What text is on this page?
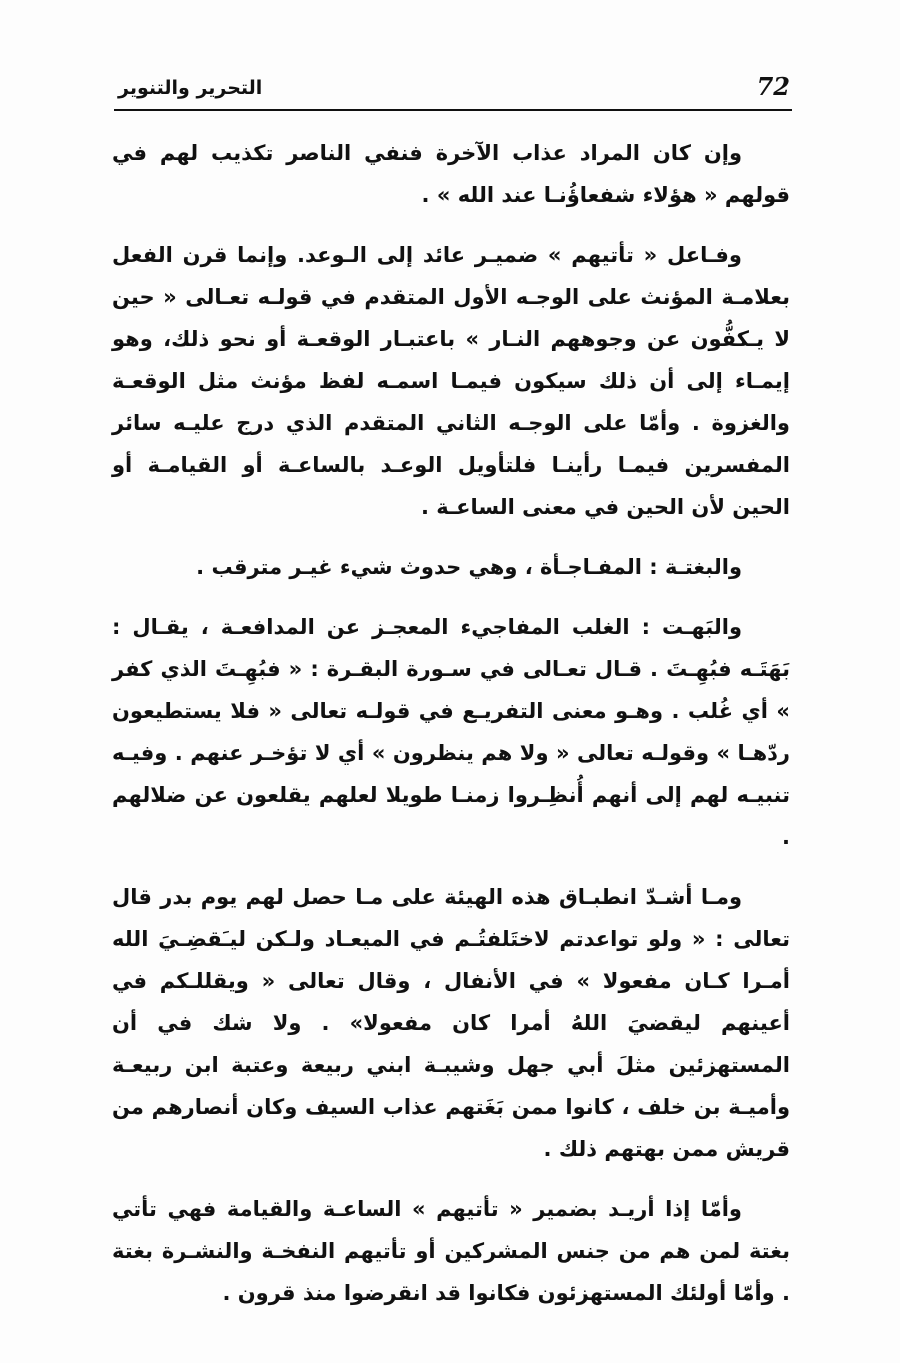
72
التحرير والتنوير

وإن كان المراد عذاب الآخرة فنفي الناصر تكذيب لهم في قولهم « هؤلاء شفعاؤُنـا عند الله » .

وفـاعل « تأتيهم » ضميـر عائد إلى الـوعد. وإنما قرن الفعل بعلامـة المؤنث على الوجـه الأول المتقدم في قولـه تعـالى « حين لا يـكفُّون عن وجوههم النـار » باعتبـار الوقعـة أو نحو ذلك، وهو إيمـاء إلى أن ذلك سيكون فيمـا اسمـه لفظ مؤنث مثل الوقعـة والغزوة . وأمّا على الوجـه الثاني المتقدم الذي درج عليـه سائر المفسرين فيمـا رأينـا فلتأويل الوعـد بالساعـة أو القيامـة أو الحين لأن الحين في معنى الساعـة .

والبغتـة : المفـاجـأة ، وهي حدوث شيء غيـر مترقب .

والبَهـت : الغلب المفاجيء المعجـز عن المدافعـة ، يقـال : بَهَتَـه فبُهِـتَ . قـال تعـالى في سـورة البقـرة : « فبُهِـتَ الذي كفر » أي غُلب . وهـو معنى التفريـع في قولـه تعالى « فلا يستطيعون ردّهـا » وقولـه تعالى « ولا هم ينظرون » أي لا تؤخـر عنهم . وفيـه تنبيـه لهم إلى أنهم أُنظِـروا زمنـا طويلا لعلهم يقلعون عن ضلالهم .

ومـا أشـدّ انطبـاق هذه الهيئة على مـا حصل لهم يوم بدر قال تعالى : « ولو تواعدتم لاختَلفتُـم في الميعـاد ولـكن ليـَقضِـيَ الله أمـرا كـان مفعولا » في الأنفال ، وقال تعالى « ويقللـكم في أعينهم ليقضيَ اللهُ أمرا كان مفعولا» . ولا شك في أن المستهزئين مثلَ أبي جهل وشيبـة ابني ربيعة وعتبة ابن ربيعـة وأميـة بن خلف ، كانوا ممن بَغَتهم عذاب السيف وكان أنصارهم من قريش ممن بهتهم ذلك .

وأمّا إذا أريـد بضمير « تأتيهم » الساعـة والقيامة فهي تأتي بغتة لمن هم من جنس المشركين أو تأتيهم النفخـة والنشـرة بغتة . وأمّا أولئك المستهزئون فكانوا قد انقرضوا منذ قرون .
